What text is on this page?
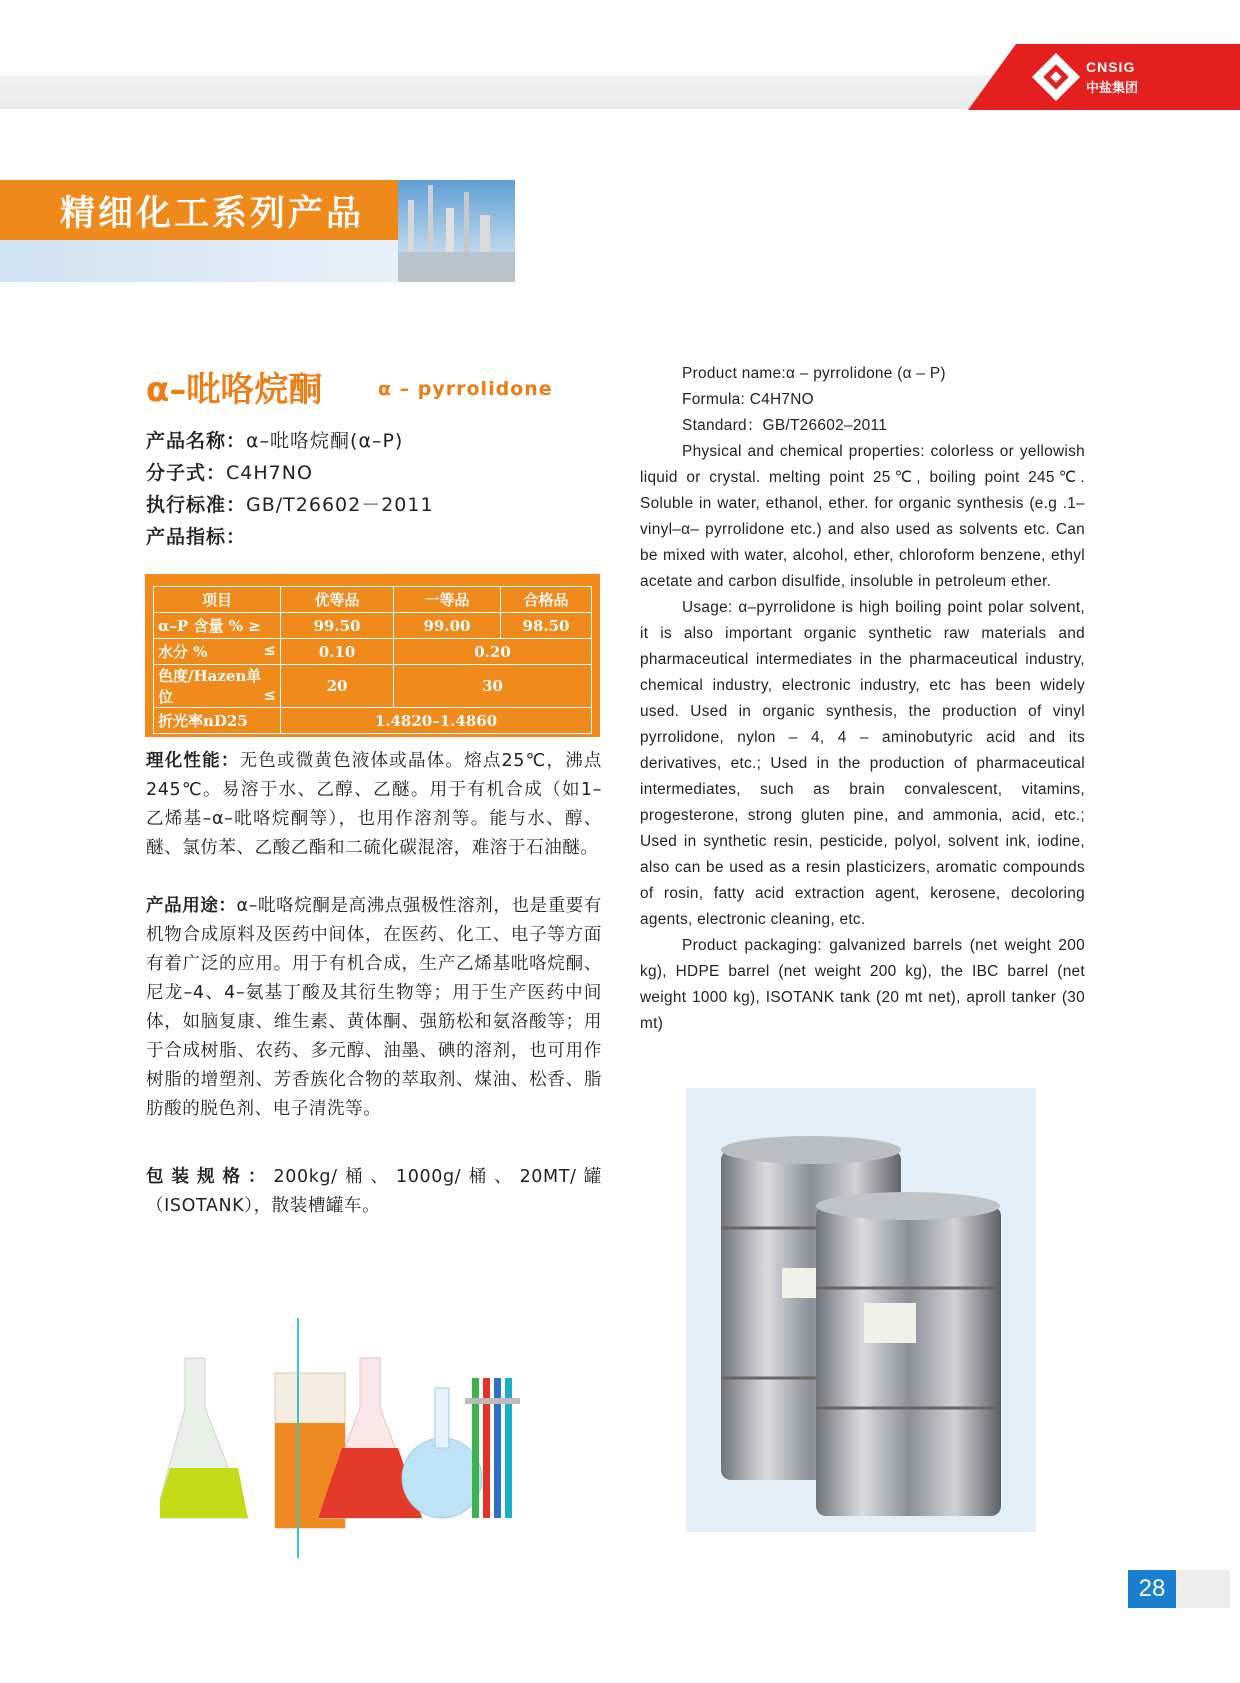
CNSIG
中盐集团
精细化工系列产品
α–吡咯烷酮	α – pyrrolidone
产品名称：α–吡咯烷酮(α–P)
分子式：C4H7NO
执行标准：GB/T26602－2011
产品指标：
项目	优等品	一等品	合格品
α–P 含量 % ≥	99.50	99.00	98.50
水分 % ≤	0.10	0.20	
色度/Hazen单位 ≤	20	30	
折光率nD25	1.4820–1.4860		
理化性能：无色或微黄色液体或晶体。熔点25℃，沸点245℃。易溶于水、乙醇、乙醚。用于有机合成（如1–乙烯基–α–吡咯烷酮等），也用作溶剂等。能与水、醇、醚、氯仿苯、乙酸乙酯和二硫化碳混溶，难溶于石油醚。
产品用途：α–吡咯烷酮是高沸点强极性溶剂，也是重要有机物合成原料及医药中间体，在医药、化工、电子等方面有着广泛的应用。用于有机合成，生产乙烯基吡咯烷酮、尼龙–4、4–氨基丁酸及其衍生物等；用于生产医药中间体，如脑复康、维生素、黄体酮、强筋松和氨洛酸等；用于合成树脂、农药、多元醇、油墨、碘的溶剂，也可用作树脂的增塑剂、芳香族化合物的萃取剂、煤油、松香、脂肪酸的脱色剂、电子清洗等。
包装规格：200kg/桶、1000g/桶、20MT/罐（ISOTANK），散装槽罐车。

Product name:α – pyrrolidone (α – P)

Formula: C4H7NO

Standard：GB/T26602–2011

Physical and chemical properties: colorless or yellowish liquid or crystal. melting point 25℃, boiling point 245℃. Soluble in water, ethanol, ether. for organic synthesis (e.g .1–vinyl–α– pyrrolidone etc.) and also used as solvents etc. Can be mixed with water, alcohol, ether, chloroform benzene, ethyl acetate and carbon disulfide, insoluble in petroleum ether.

Usage: α–pyrrolidone is high boiling point polar solvent, it is also important organic synthetic raw materials and pharmaceutical intermediates in the pharmaceutical industry, chemical industry, electronic industry, etc has been widely used. Used in organic synthesis, the production of vinyl pyrrolidone, nylon – 4, 4 – aminobutyric acid and its derivatives, etc.; Used in the production of pharmaceutical intermediates, such as brain convalescent, vitamins, progesterone, strong gluten pine, and ammonia, acid, etc.; Used in synthetic resin, pesticide, polyol, solvent ink, iodine, also can be used as a resin plasticizers, aromatic compounds of rosin, fatty acid extraction agent, kerosene, decoloring agents, electronic cleaning, etc.

Product packaging: galvanized barrels (net weight 200 kg), HDPE barrel (net weight 200 kg), the IBC barrel (net weight 1000 kg), ISOTANK tank (20 mt net), aproll tanker (30 mt)

28
